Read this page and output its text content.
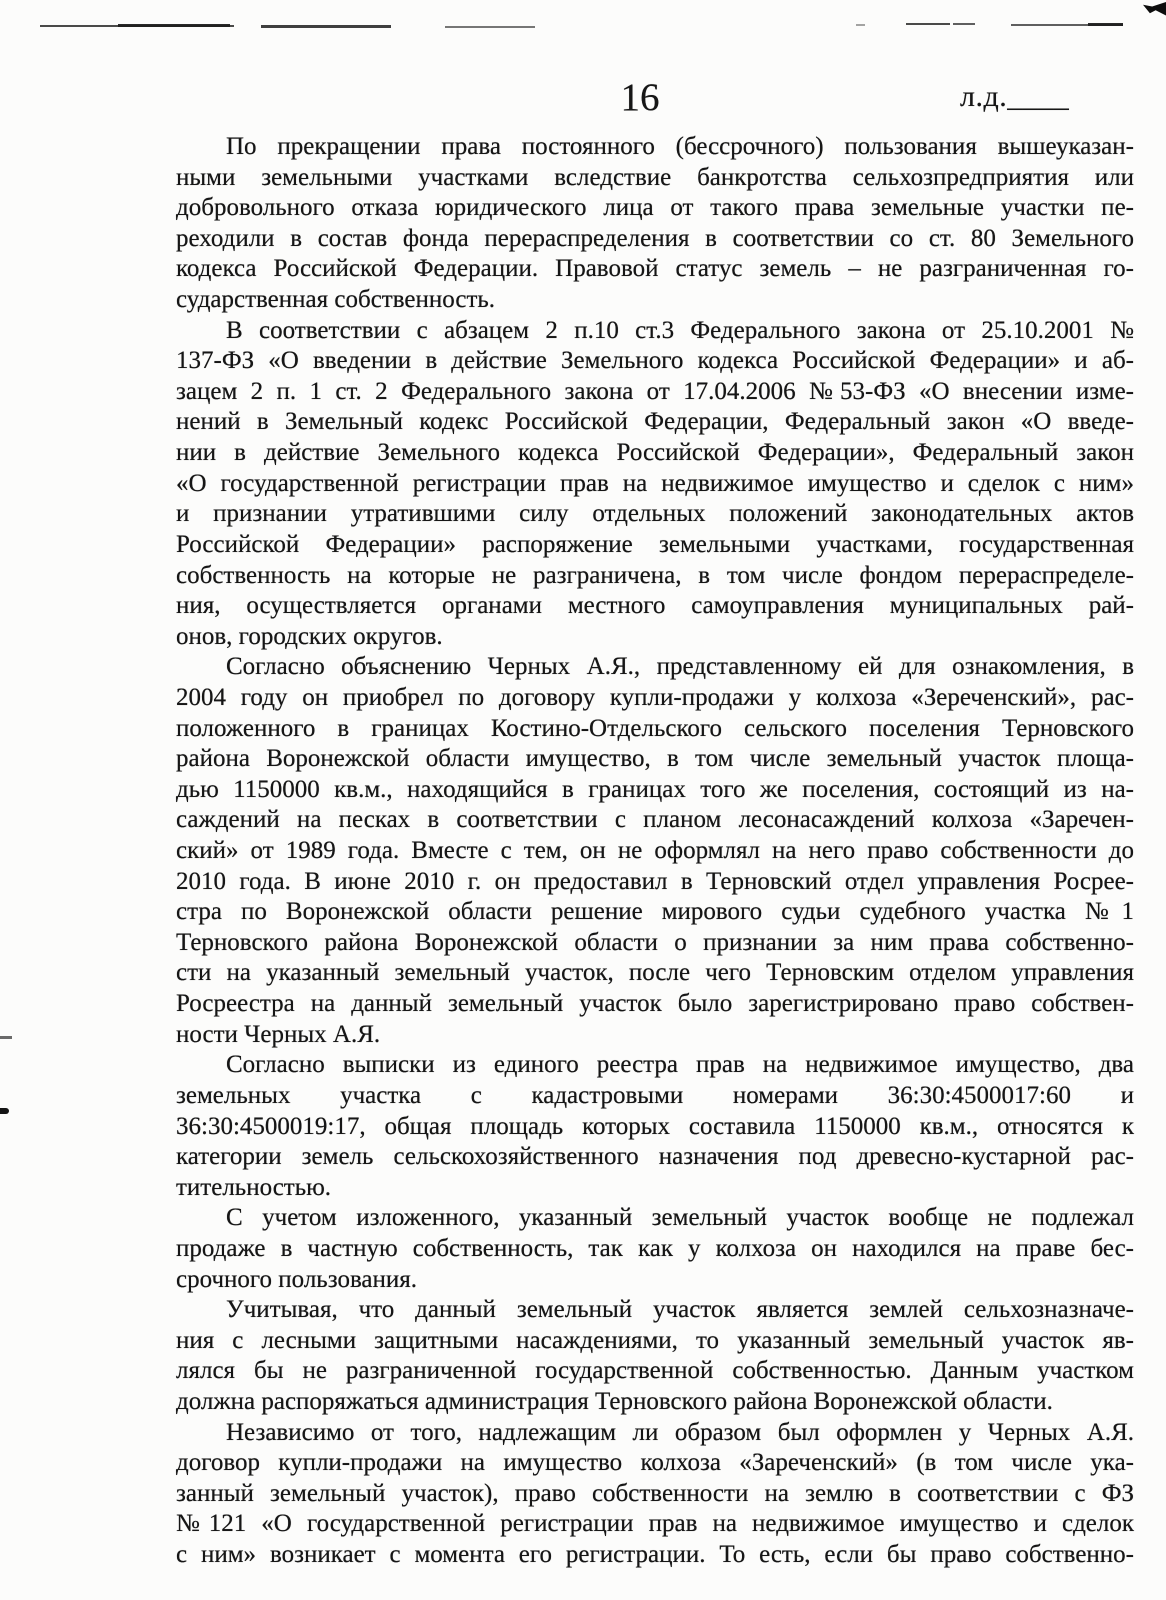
16	л.д.____
По прекращении права постоянного (бессрочного) пользования вышеуказан-
ными земельными участками вследствие банкротства сельхозпредприятия или
добровольного отказа юридического лица от такого права земельные участки пе-
реходили в состав фонда перераспределения в соответствии со ст. 80 Земельного
кодекса Российской Федерации. Правовой статус земель – не разграниченная го-
сударственная собственность.
В соответствии с абзацем 2 п.10 ст.3 Федерального закона от 25.10.2001 №
137-ФЗ «О введении в действие Земельного кодекса Российской Федерации» и аб-
зацем 2 п. 1 ст. 2 Федерального закона от 17.04.2006 №53-ФЗ «О внесении изме-
нений в Земельный кодекс Российской Федерации, Федеральный закон «О введе-
нии в действие Земельного кодекса Российской Федерации», Федеральный закон
«О государственной регистрации прав на недвижимое имущество и сделок с ним»
и признании утратившими силу отдельных положений законодательных актов
Российской Федерации» распоряжение земельными участками, государственная
собственность на которые не разграничена, в том числе фондом перераспределе-
ния, осуществляется органами местного самоуправления муниципальных рай-
онов, городских округов.
Согласно объяснению Черных А.Я., представленному ей для ознакомления, в
2004 году он приобрел по договору купли-продажи у колхоза «Зереченский», рас-
положенного в границах Костино-Отдельского сельского поселения Терновского
района Воронежской области имущество, в том числе земельный участок площа-
дью 1150000 кв.м., находящийся в границах того же поселения, состоящий из на-
саждений на песках в соответствии с планом лесонасаждений колхоза «Заречен-
ский» от 1989 года. Вместе с тем, он не оформлял на него право собственности до
2010 года. В июне 2010 г. он предоставил в Терновский отдел управления Росрее-
стра по Воронежской области решение мирового судьи судебного участка №1
Терновского района Воронежской области о признании за ним права собственно-
сти на указанный земельный участок, после чего Терновским отделом управления
Росреестра на данный земельный участок было зарегистрировано право собствен-
ности Черных А.Я.
Согласно выписки из единого реестра прав на недвижимое имущество, два
земельных участка с кадастровыми номерами 36:30:4500017:60 и
36:30:4500019:17, общая площадь которых составила 1150000 кв.м., относятся к
категории земель сельскохозяйственного назначения под древесно-кустарной рас-
тительностью.
С учетом изложенного, указанный земельный участок вообще не подлежал
продаже в частную собственность, так как у колхоза он находился на праве бес-
срочного пользования.
Учитывая, что данный земельный участок является землей сельхозназначе-
ния с лесными защитными насаждениями, то указанный земельный участок яв-
лялся бы не разграниченной государственной собственностью. Данным участком
должна распоряжаться администрация Терновского района Воронежской области.
Независимо от того, надлежащим ли образом был оформлен у Черных А.Я.
договор купли-продажи на имущество колхоза «Зареченский» (в том числе ука-
занный земельный участок), право собственности на землю в соответствии с ФЗ
№121 «О государственной регистрации прав на недвижимое имущество и сделок
с ним» возникает с момента его регистрации. То есть, если бы право собственно-
